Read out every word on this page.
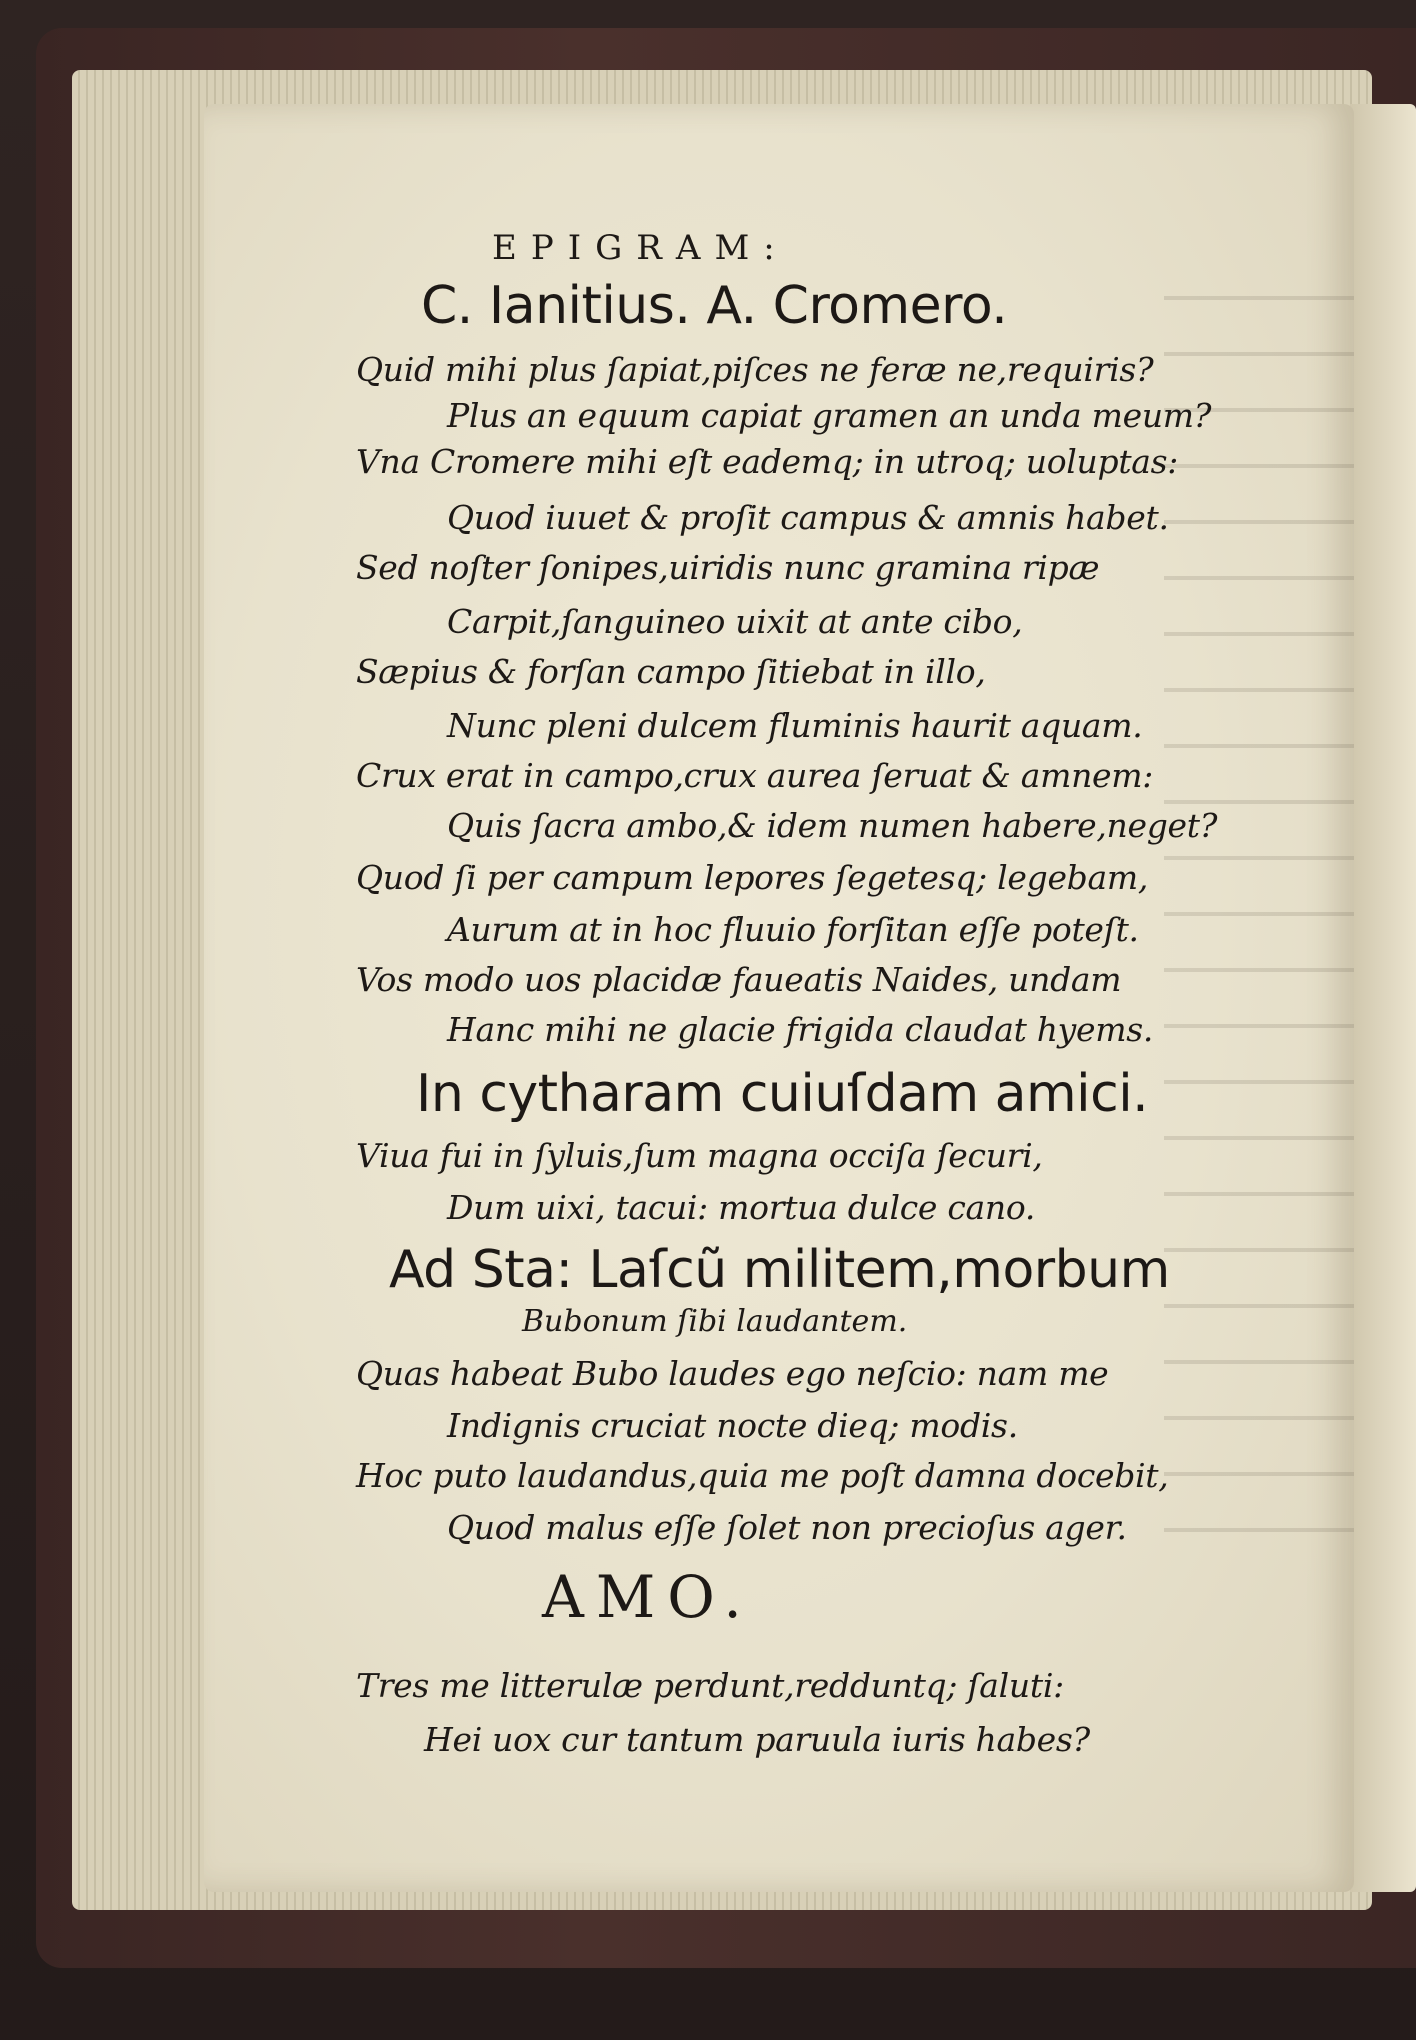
EPIGRAM:
C. Ianitius. A. Cromero.
Quid mihi plus ſapiat,piſces ne feræ ne,requiris?
Plus an equum capiat gramen an unda meum?
Vna Cromere mihi eſt eademq; in utroq; uoluptas:
Quod iuuet & proſit campus & amnis habet.
Sed noſter ſonipes,uiridis nunc gramina ripæ
Carpit,ſanguineo uixit at ante cibo,
Sæpius & forſan campo ſitiebat in illo,
Nunc pleni dulcem fluminis haurit aquam.
Crux erat in campo,crux aurea ſeruat & amnem:
Quis ſacra ambo,& idem numen habere,neget?
Quod ſi per campum lepores ſegetesq; legebam,
Aurum at in hoc fluuio forſitan eſſe poteſt.
Vos modo uos placidæ faueatis Naides, undam
Hanc mihi ne glacie frigida claudat hyems.
In cytharam cuiuſdam amici.
Viua fui in ſyluis,ſum magna occiſa ſecuri,
Dum uixi, tacui: mortua dulce cano.
Ad Sta: Laſcũ militem,morbum
Bubonum ſibi laudantem.
Quas habeat Bubo laudes ego neſcio: nam me
Indignis cruciat nocte dieq; modis.
Hoc puto laudandus,quia me poſt damna docebit,
Quod malus eſſe ſolet non precioſus ager.
AMO.
Tres me litterulæ perdunt,redduntq; ſaluti:
Hei uox cur tantum paruula iuris habes?
